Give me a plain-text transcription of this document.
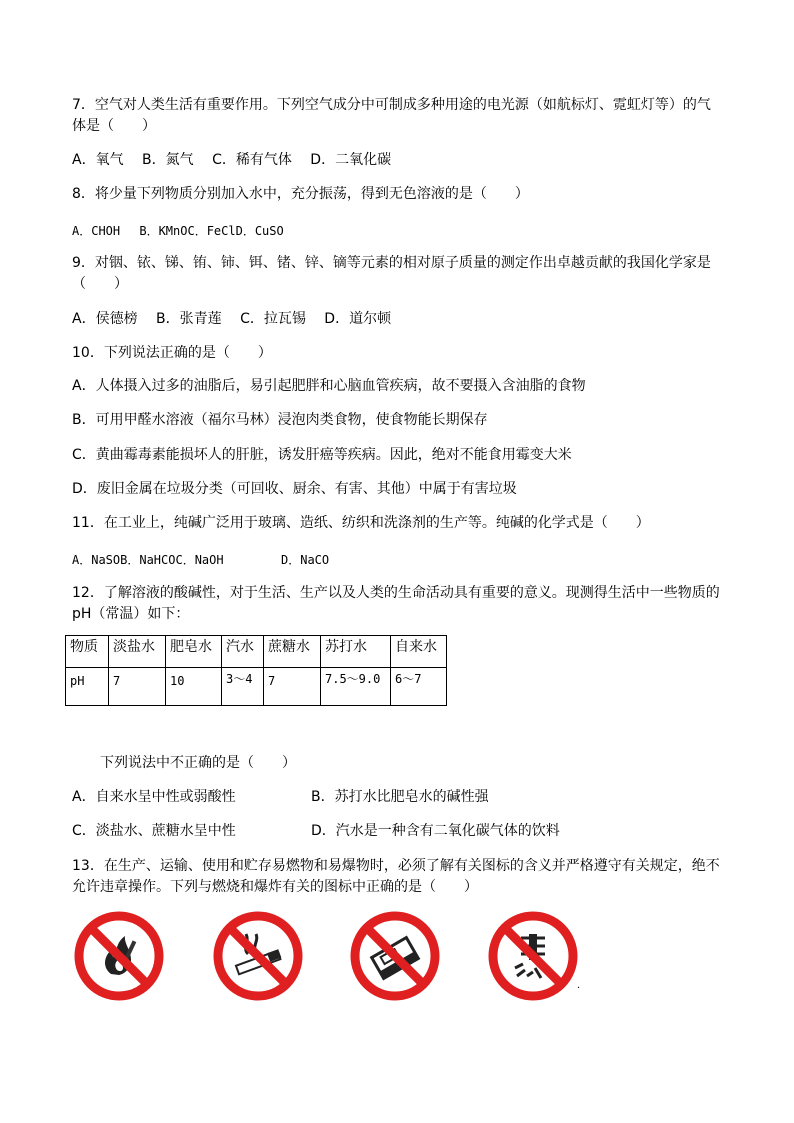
7．空气对人类生活有重要作用。下列空气成分中可制成多种用途的电光源（如航标灯、霓虹灯等）的气
体是（　　）
A．氧气　 B．氮气　 C．稀有气体　 D．二氧化碳
8．将少量下列物质分别加入水中，充分振荡，得到无色溶液的是（　　）
A．CHOH　 B．KMnOC．FeClD．CuSO
9．对铟、铱、锑、铕、铈、铒、锗、锌、镝等元素的相对原子质量的测定作出卓越贡献的我国化学家是
（　　）
A．侯德榜　 B．张青莲　 C．拉瓦锡　 D．道尔顿
10．下列说法正确的是（　　）
A．人体摄入过多的油脂后，易引起肥胖和心脑血管疾病，故不要摄入含油脂的食物
B．可用甲醛水溶液（福尔马林）浸泡肉类食物，使食物能长期保存
C．黄曲霉毒素能损坏人的肝脏，诱发肝癌等疾病。因此，绝对不能食用霉变大米
D．废旧金属在垃圾分类（可回收、厨余、有害、其他）中属于有害垃圾
11．在工业上，纯碱广泛用于玻璃、造纸、纺织和洗涤剂的生产等。纯碱的化学式是（　　）
A．NaSOB．NaHCOC．NaOH	D．NaCO
12．了解溶液的酸碱性，对于生活、生产以及人类的生命活动具有重要的意义。现测得生活中一些物质的
pH（常温）如下：
物质	淡盐水	肥皂水	汽水	蔗糖水	苏打水	自来水
pH	7	10	3～4	7	7.5～9.0	6～7
下列说法中不正确的是（　　）
A．自来水呈中性或弱酸性	B．苏打水比肥皂水的碱性强
C．淡盐水、蔗糖水呈中性	D．汽水是一种含有二氧化碳气体的饮料
13．在生产、运输、使用和贮存易燃物和易爆物时，必须了解有关图标的含义并严格遵守有关规定，绝不
允许违章操作。下列与燃烧和爆炸有关的图标中正确的是（　　）
.
